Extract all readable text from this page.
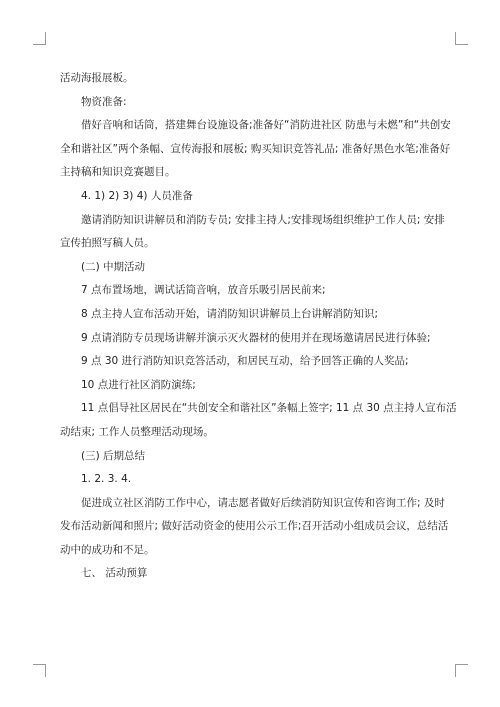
活动海报展板。

物资准备:

借好音响和话筒，搭建舞台设施设备;准备好“消防进社区 防患与未燃”和“共创安

全和谐社区”两个条幅、宣传海报和展板; 购买知识竞答礼品; 准备好黑色水笔;准备好

主持稿和知识竞赛题目。

4. 1) 2) 3) 4) 人员准备

邀请消防知识讲解员和消防专员; 安排主持人;安排现场组织维护工作人员; 安排

宣传拍照写稿人员。

(二) 中期活动

7 点布置场地，调试话筒音响，放音乐吸引居民前来;

8 点主持人宣布活动开始，请消防知识讲解员上台讲解消防知识;

9 点请消防专员现场讲解并演示灭火器材的使用并在现场邀请居民进行体验;

9 点 30 进行消防知识竞答活动，和居民互动，给予回答正确的人奖品;

10 点进行社区消防演练;

11 点倡导社区居民在“共创安全和谐社区”条幅上签字; 11 点 30 点主持人宣布活

动结束; 工作人员整理活动现场。

(三) 后期总结

1. 2. 3. 4.

促进成立社区消防工作中心，请志愿者做好后续消防知识宣传和咨询工作; 及时

发布活动新闻和照片; 做好活动资金的使用公示工作;召开活动小组成员会议，总结活

动中的成功和不足。

七、 活动预算
